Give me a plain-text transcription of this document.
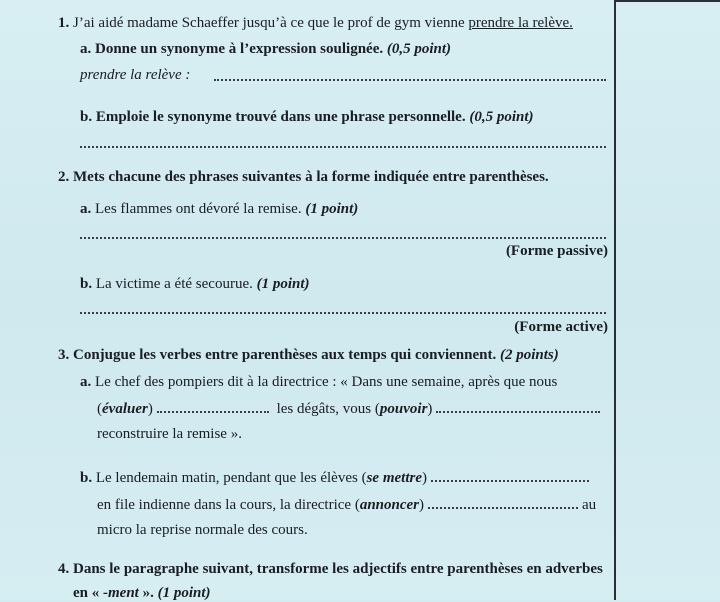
1. J’ai aidé madame Schaeffer jusqu’à ce que le prof de gym vienne prendre la relève.
a. Donne un synonyme à l’expression soulignée. (0,5 point)
prendre la relève :
b. Emploie le synonyme trouvé dans une phrase personnelle. (0,5 point)
2. Mets chacune des phrases suivantes à la forme indiquée entre parenthèses.
a. Les flammes ont dévoré la remise. (1 point)
(Forme passive)
b. La victime a été secourue. (1 point)
(Forme active)
3. Conjugue les verbes entre parenthèses aux temps qui conviennent. (2 points)
a. Le chef des pompiers dit à la directrice : « Dans une semaine, après que nous
(évaluer)	les dégâts, vous (pouvoir)
reconstruire la remise ».
b. Le lendemain matin, pendant que les élèves (se mettre)
en file indienne dans la cours, la directrice (annoncer)	au
micro la reprise normale des cours.
4. Dans le paragraphe suivant, transforme les adjectifs entre parenthèses en adverbes
en « -ment ». (1 point)
